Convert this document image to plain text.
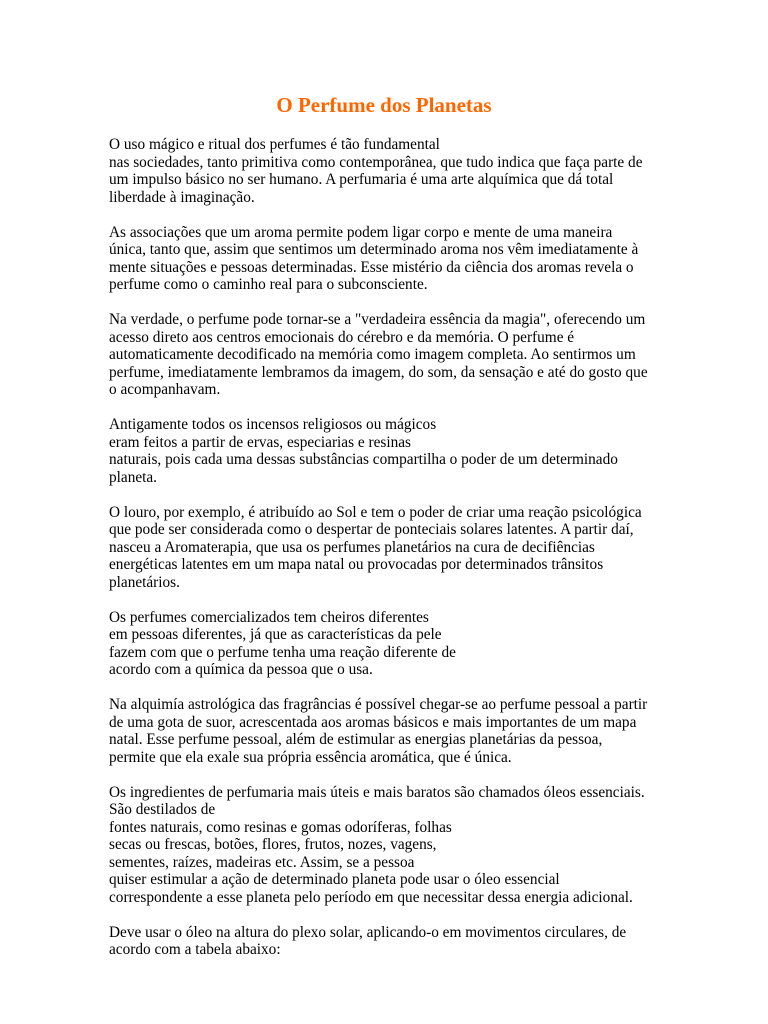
O Perfume dos Planetas

O uso mágico e ritual dos perfumes é tão fundamental
nas sociedades, tanto primitiva como contemporânea, que tudo indica que faça parte de
um impulso básico no ser humano. A perfumaria é uma arte alquímica que dá total
liberdade à imaginação.

As associações que um aroma permite podem ligar corpo e mente de uma maneira
única, tanto que, assim que sentimos um determinado aroma nos vêm imediatamente à
mente situações e pessoas determinadas. Esse mistério da ciência dos aromas revela o
perfume como o caminho real para o subconsciente.

Na verdade, o perfume pode tornar-se a "verdadeira essência da magia", oferecendo um
acesso direto aos centros emocionais do cérebro e da memória. O perfume é
automaticamente decodificado na memória como imagem completa. Ao sentirmos um
perfume, imediatamente lembramos da imagem, do som, da sensação e até do gosto que
o acompanhavam.

Antigamente todos os incensos religiosos ou mágicos
eram feitos a partir de ervas, especiarias e resinas
naturais, pois cada uma dessas substâncias compartilha o poder de um determinado
planeta.

O louro, por exemplo, é atribuído ao Sol e tem o poder de criar uma reação psicológica
que pode ser considerada como o despertar de ponteciais solares latentes. A partir daí,
nasceu a Aromaterapia, que usa os perfumes planetários na cura de decifiências
energéticas latentes em um mapa natal ou provocadas por determinados trânsitos
planetários.

Os perfumes comercializados tem cheiros diferentes
em pessoas diferentes, já que as características da pele
fazem com que o perfume tenha uma reação diferente de
acordo com a química da pessoa que o usa.

Na alquimía astrológica das fragrâncias é possível chegar-se ao perfume pessoal a partir
de uma gota de suor, acrescentada aos aromas básicos e mais importantes de um mapa
natal. Esse perfume pessoal, além de estimular as energias planetárias da pessoa,
permite que ela exale sua própria essência aromática, que é única.

Os ingredientes de perfumaria mais úteis e mais baratos são chamados óleos essenciais.
São destilados de
fontes naturais, como resinas e gomas odoríferas, folhas
secas ou frescas, botões, flores, frutos, nozes, vagens,
sementes, raízes, madeiras etc. Assim, se a pessoa
quiser estimular a ação de determinado planeta pode usar o óleo essencial
correspondente a esse planeta pelo período em que necessitar dessa energia adicional.

Deve usar o óleo na altura do plexo solar, aplicando-o em movimentos circulares, de
acordo com a tabela abaixo:
